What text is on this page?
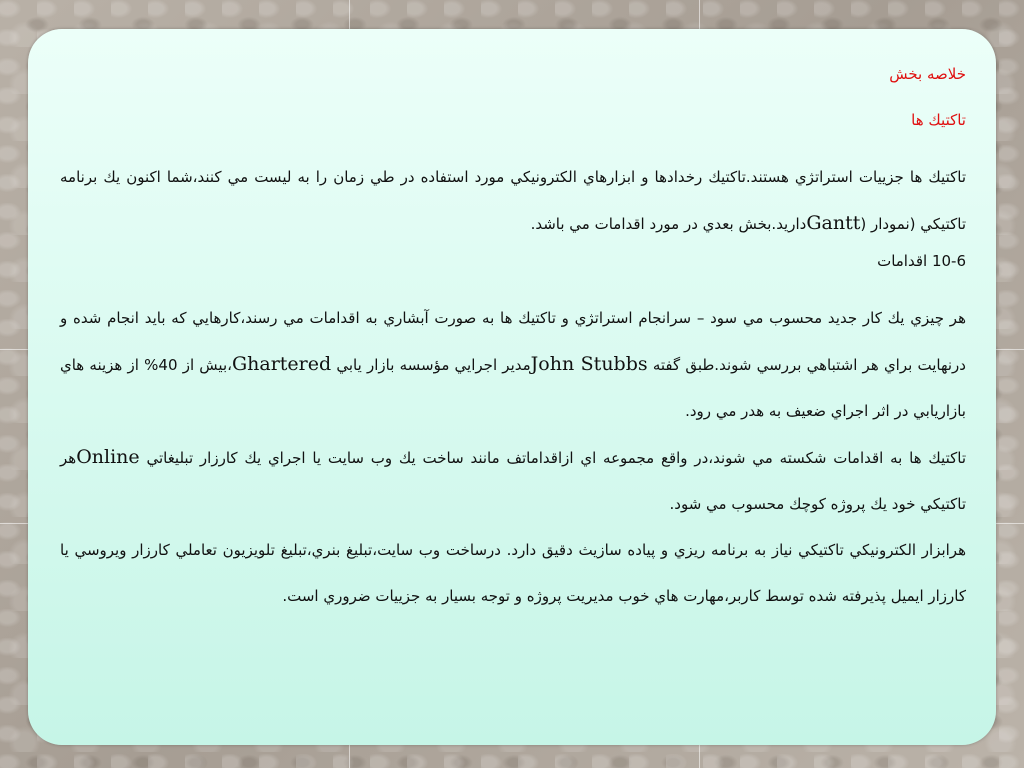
خلاصه بخش

تاكتيك ها

تاكتيك ها جزييات استراتژي هستند.تاكتيك رخدادها و ابزارهاي الكترونيكي مورد استفاده در طي زمان را به ليست مي كنند،شما اكنون يك برنامه تاكتيكي (نمودار (Ganttداريد.بخش بعدي در مورد اقدامات مي باشد.

10-6 اقدامات

هر چيزي يك كار جديد محسوب مي سود – سرانجام استراتژي و تاكتيك ها به صورت آبشاري به اقدامات مي رسند،كارهايي كه بايد انجام شده و درنهايت براي هر اشتباهي بررسي شوند.طبق گفته John Stubbsمدير اجرايي مؤسسه بازار يابي Ghartered،بيش از 40% از هزينه هاي بازاريابي در اثر اجراي ضعيف به هدر مي رود.

تاكتيك ها به اقدامات شكسته مي شوند،در واقع مجموعه اي ازاقداماتف مانند ساخت يك وب سايت يا اجراي يك كارزار تبليغاتي Onlineهر تاكتيكي خود يك پروژه كوچك محسوب مي شود.

هرابزار الكترونيكي تاكتيكي نياز به برنامه ريزي و پياده سازيث دقيق دارد. درساخت وب سايت،تبليغ بنري،تبليغ تلويزيون تعاملي كارزار ويروسي يا كارزار ايميل پذيرفته شده توسط كاربر،مهارت هاي خوب مديريت پروژه و توجه بسيار به جزييات ضروري است.
